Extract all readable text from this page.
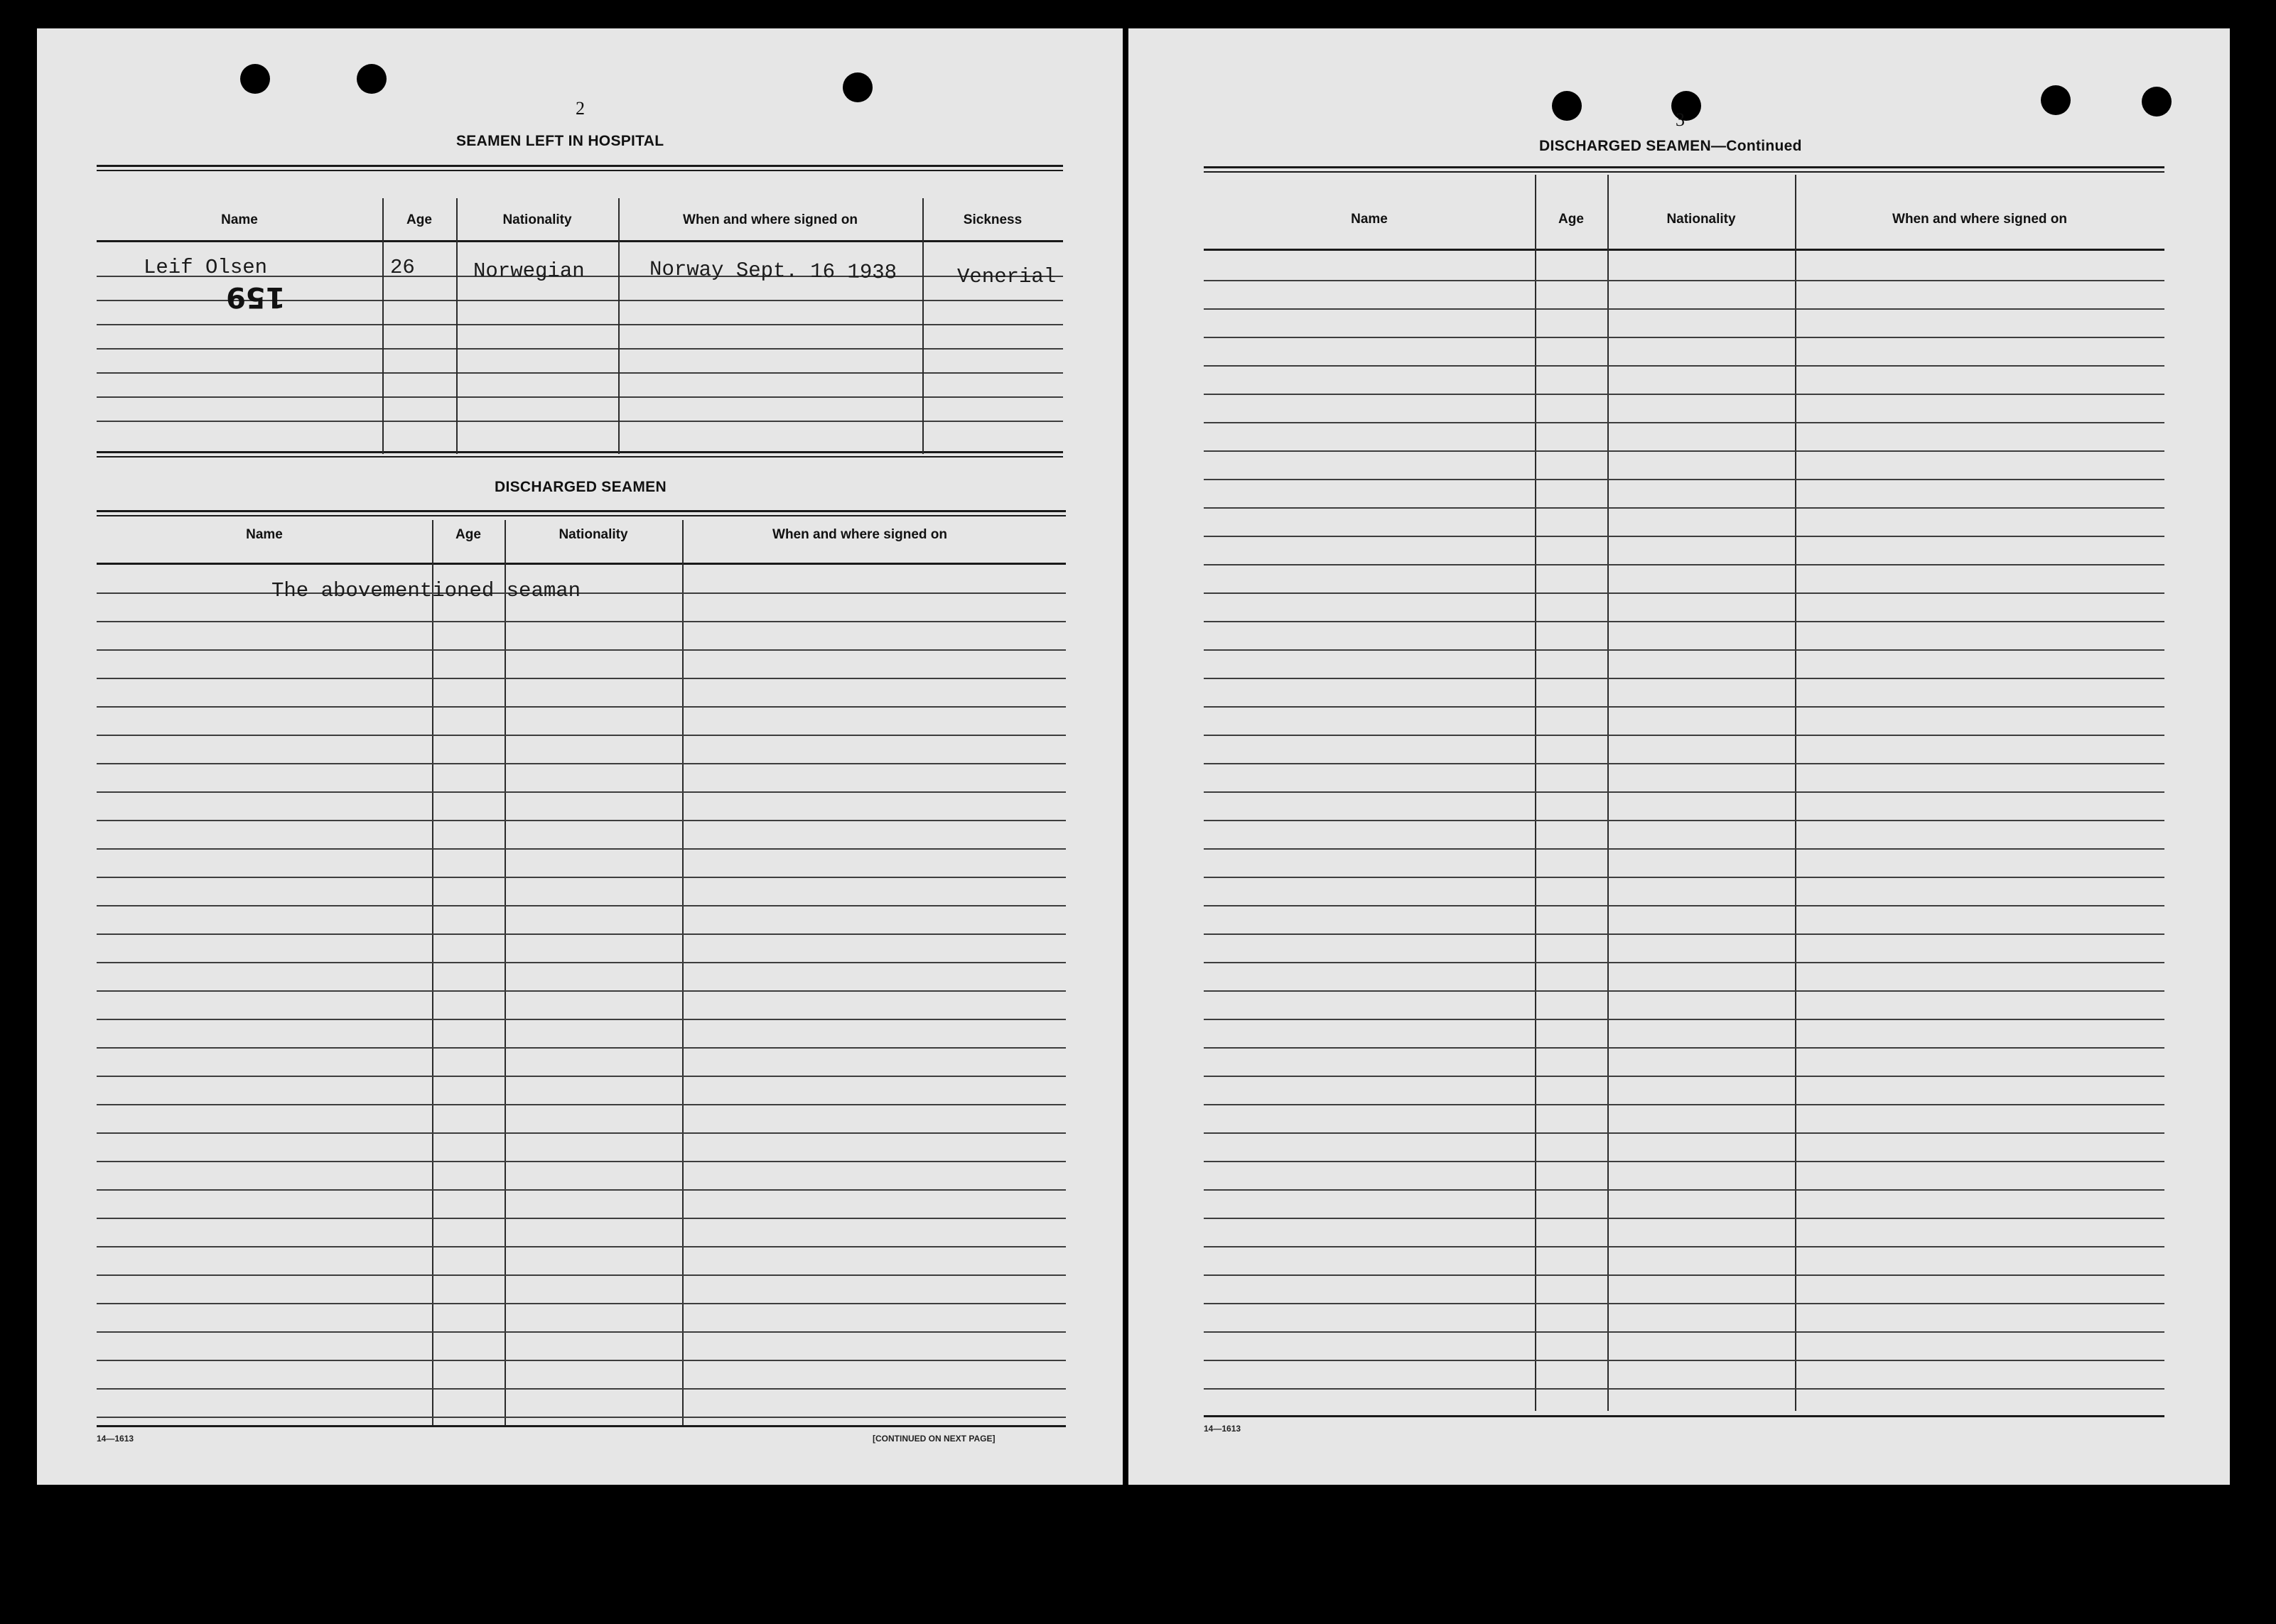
2
SEAMEN LEFT IN HOSPITAL
Name	Age	Nationality	When and where signed on	Sickness
Leif Olsen	26	Norwegian	Norway Sept. 16 1938	Venerial
159
DISCHARGED SEAMEN
Name	Age	Nationality	When and where signed on
The abovementioned seaman
14—1613	[CONTINUED ON NEXT PAGE]
3
DISCHARGED SEAMEN—Continued
Name	Age	Nationality	When and where signed on
14—1613
